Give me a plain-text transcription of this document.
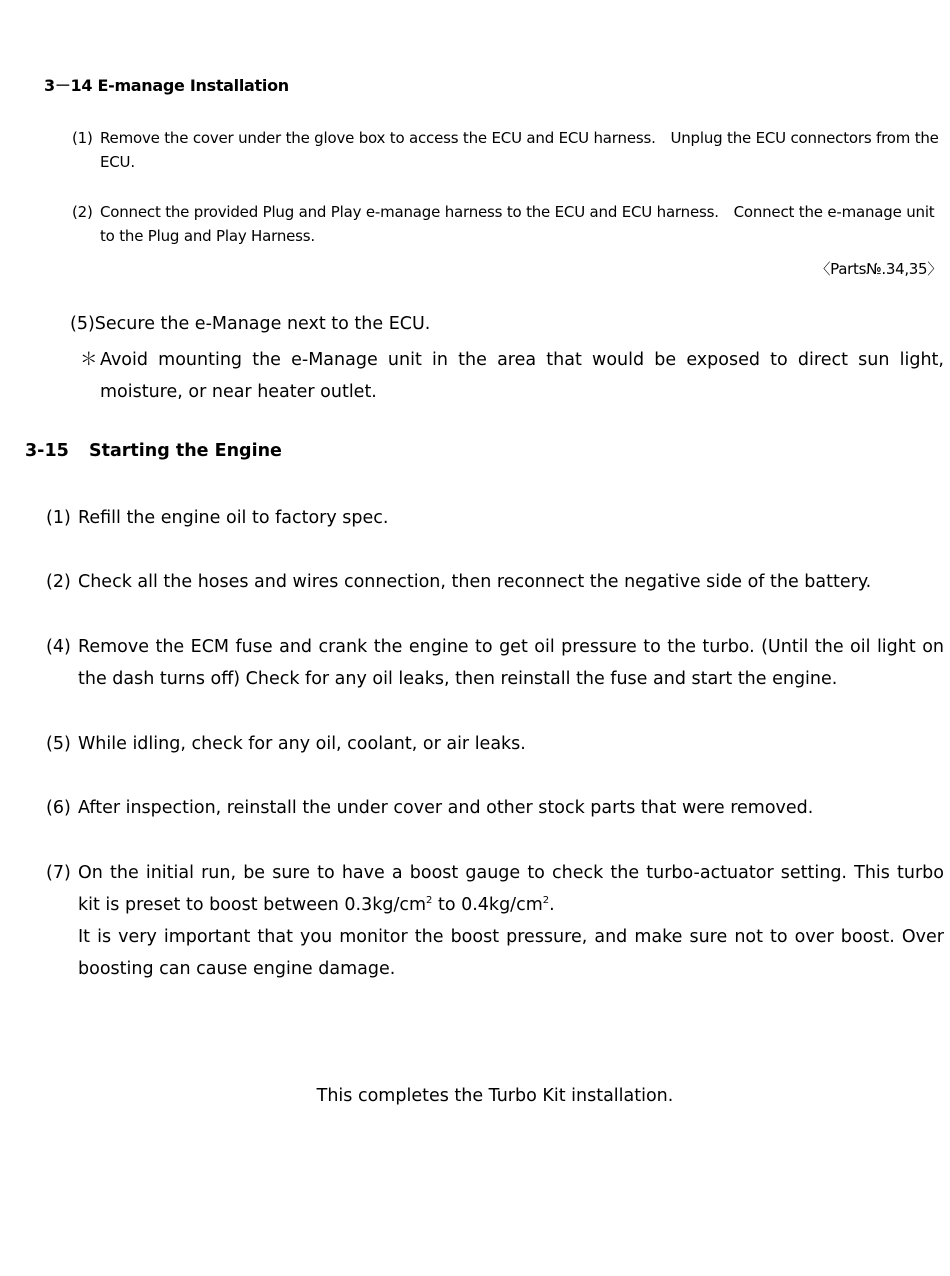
3－14 E-manage Installation
(1) Remove the cover under the glove box to access the ECU and ECU harness.　Unplug the ECU connectors from the ECU.
(2) Connect the provided Plug and Play e-manage harness to the ECU and ECU harness.　Connect the e-manage unit to the Plug and Play Harness.
〈Parts№.34,35〉
(5)Secure the e-Manage next to the ECU.
＊ Avoid mounting the e-Manage unit in the area that would be exposed to direct sun light, moisture, or near heater outlet.
3-15 Starting the Engine
(1) Refill the engine oil to factory spec.
(2) Check all the hoses and wires connection, then reconnect the negative side of the battery.
(4) Remove the ECM fuse and crank the engine to get oil pressure to the turbo. (Until the oil light on the dash turns off) Check for any oil leaks, then reinstall the fuse and start the engine.
(5) While idling, check for any oil, coolant, or air leaks.
(6) After inspection, reinstall the under cover and other stock parts that were removed.
(7) On the initial run, be sure to have a boost gauge to check the turbo-actuator setting. This turbo kit is preset to boost between $0.3kg/cm^2$ to $0.4kg/cm^2$.
It is very important that you monitor the boost pressure, and make sure not to over boost. Over boosting can cause engine damage.
This completes the Turbo Kit installation.
